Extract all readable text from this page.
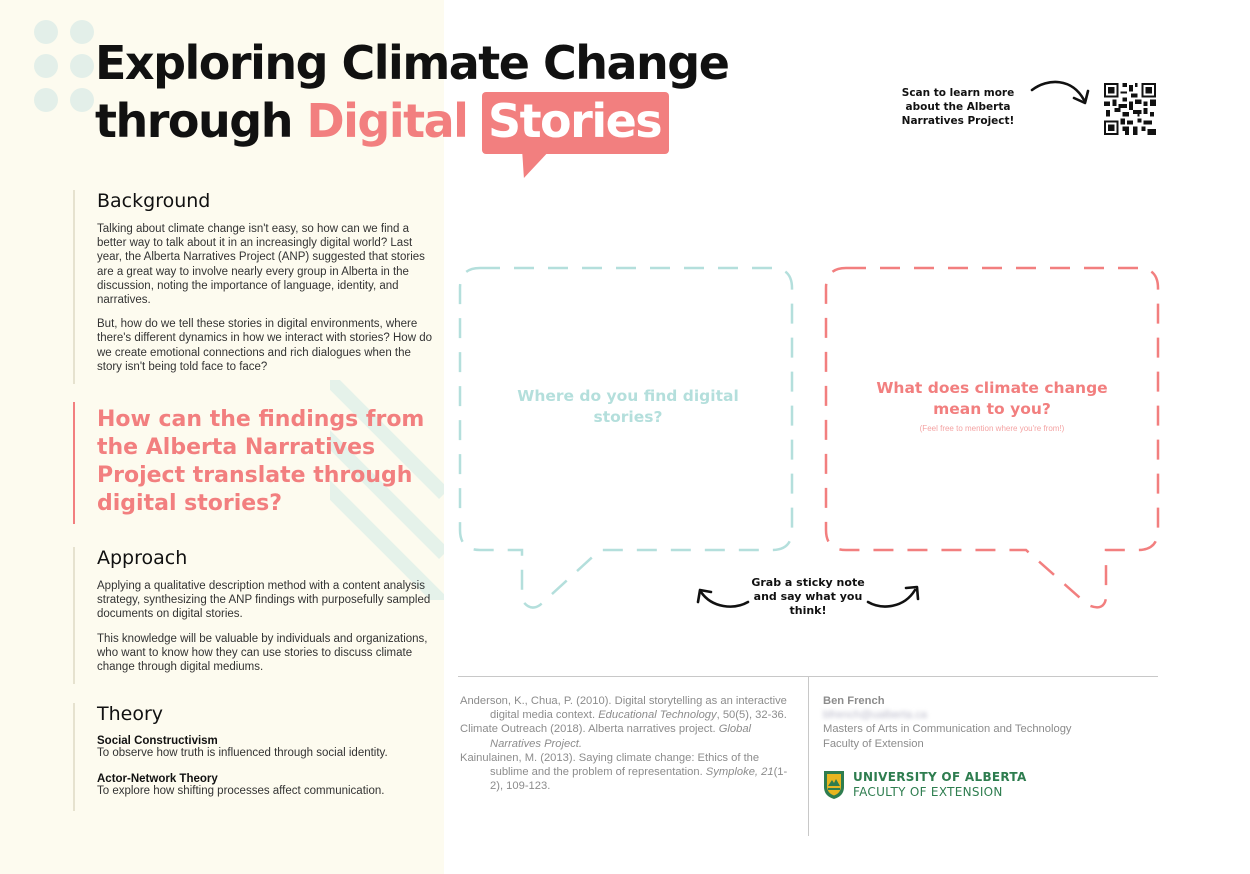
Exploring Climate Change
through Digital Stories
Background

Talking about climate change isn't easy, so how can we find a better way to talk about it in an increasingly digital world? Last year, the Alberta Narratives Project (ANP) suggested that stories are a great way to involve nearly every group in Alberta in the discussion, noting the importance of language, identity, and narratives.

But, how do we tell these stories in digital environments, where there's different dynamics in how we interact with stories? How do we create emotional connections and rich dialogues when the story isn't being told face to face?

How can the findings from the Alberta Narratives Project translate through digital stories?
Approach

Applying a qualitative description method with a content analysis strategy, synthesizing the ANP findings with purposefully sampled documents on digital stories.

This knowledge will be valuable by individuals and organizations, who want to know how they can use stories to discuss climate change through digital mediums.

Theory
Social Constructivism
To observe how truth is influenced through social identity.
Actor-Network Theory
To explore how shifting processes affect communication.
Scan to learn more about the Alberta Narratives Project!
Where do you find digital stories?
What does climate change mean to you?
(Feel free to mention where you're from!)
Grab a sticky note and say what you think!
Anderson, K., Chua, P. (2010). Digital storytelling as an interactive digital media context. Educational Technology, 50(5), 32-36.
Climate Outreach (2018). Alberta narratives project. Global Narratives Project.
Kainulainen, M. (2013). Saying climate change: Ethics of the sublime and the problem of representation. Symploke, 21(1-2), 109-123.
Ben French
bfrench@ualberta.ca
Masters of Arts in Communication and Technology
Faculty of Extension
UNIVERSITY OF ALBERTA
FACULTY OF EXTENSION
